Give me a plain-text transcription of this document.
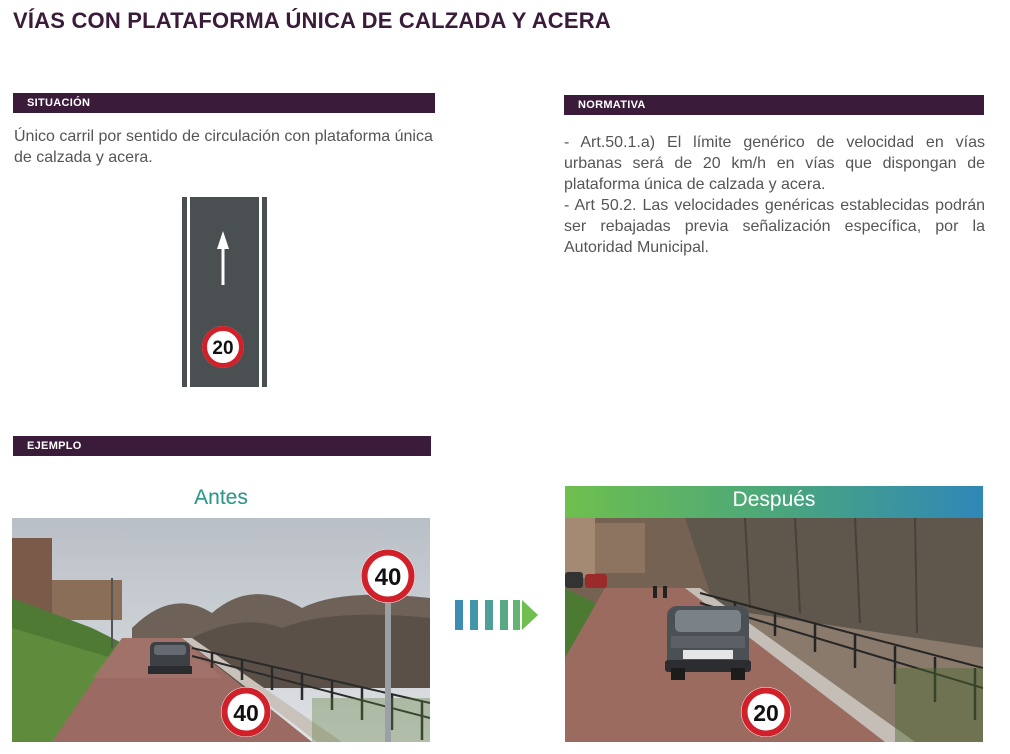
VÍAS CON PLATAFORMA ÚNICA DE CALZADA Y ACERA
SITUACIÓN
Único carril por sentido de circulación con plataforma única de calzada y acera.
20
NORMATIVA
- Art.50.1.a) El límite genérico de velocidad en vías urbanas será de 20 km/h en vías que dispongan de plataforma única de calzada y acera.
- Art 50.2. Las velocidades genéricas establecidas podrán ser rebajadas previa señalización específica, por la Autoridad Municipal.
EJEMPLO
Antes	Después
40
40	20
